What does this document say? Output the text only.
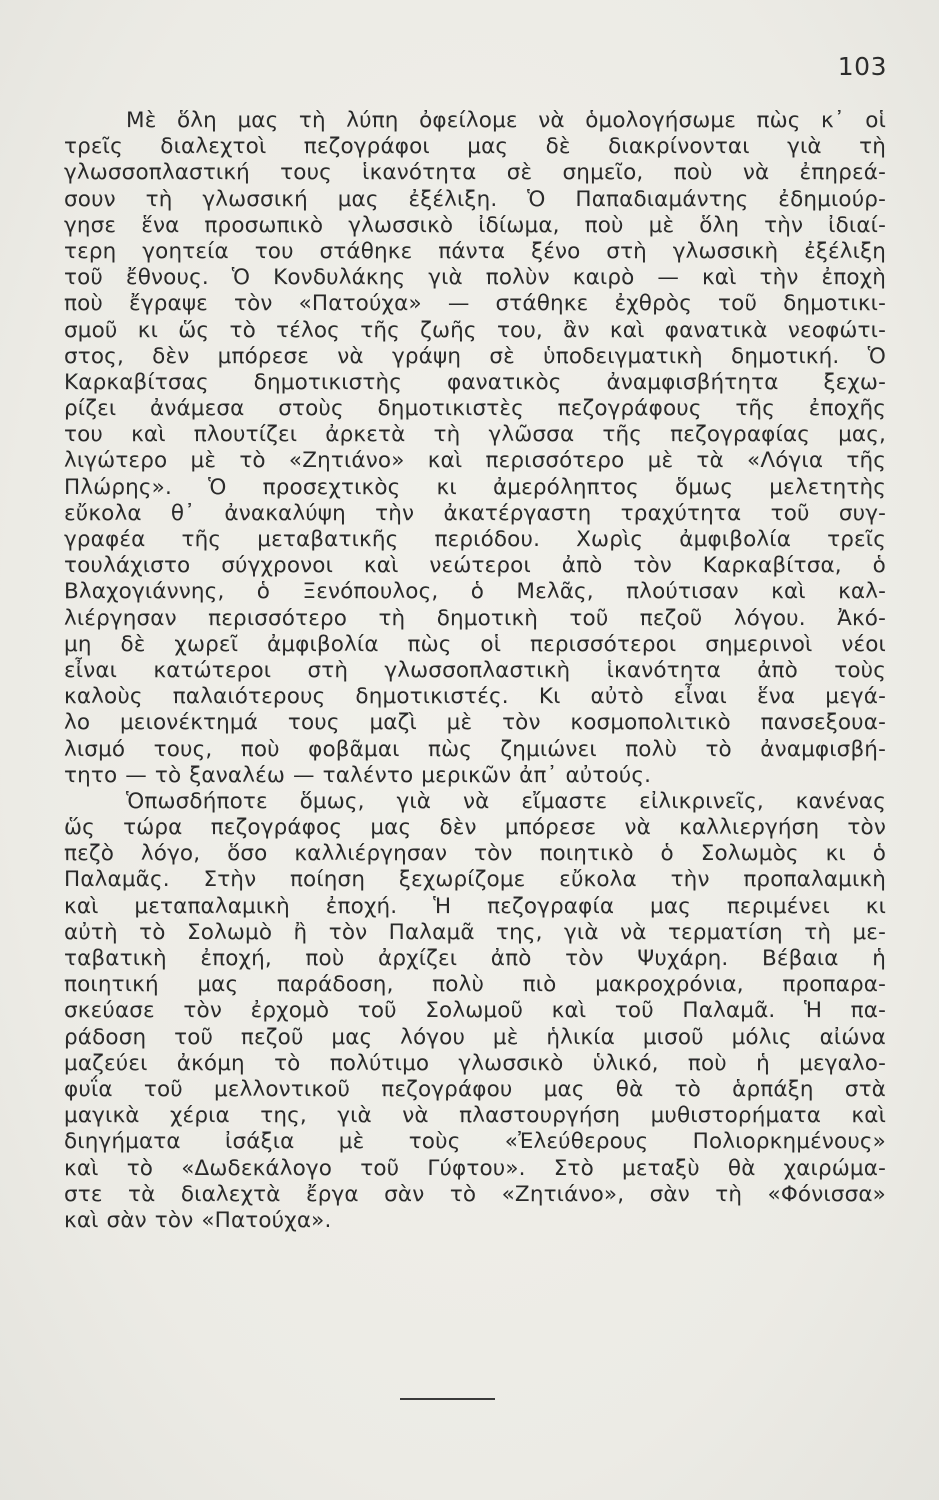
103
Μὲ ὅλη μας τὴ λύπη ὀφείλομε νὰ ὁμολογήσωμε πὼς κ᾿ οἱ
τρεῖς διαλεχτοὶ πεζογράφοι μας δὲ διακρίνονται γιὰ τὴ
γλωσσοπλαστική τους ἱκανότητα σὲ σημεῖο, ποὺ νὰ ἐπηρεά-
σουν τὴ γλωσσική μας ἐξέλιξη. Ὁ Παπαδιαμάντης ἐδημιούρ-
γησε ἕνα προσωπικὸ γλωσσικὸ ἰδίωμα, ποὺ μὲ ὅλη τὴν ἰδιαί-
τερη γοητεία του στάθηκε πάντα ξένο στὴ γλωσσικὴ ἐξέλιξη
τοῦ ἔθνους. Ὁ Κονδυλάκης γιὰ πολὺν καιρὸ — καὶ τὴν ἐποχὴ
ποὺ ἔγραψε τὸν «Πατούχα» — στάθηκε ἐχθρὸς τοῦ δημοτικι-
σμοῦ κι ὥς τὸ τέλος τῆς ζωῆς του, ἂν καὶ φανατικὰ νεοφώτι-
στος, δὲν μπόρεσε νὰ γράψη σὲ ὑποδειγματικὴ δημοτική. Ὁ
Καρκαβίτσας δημοτικιστὴς φανατικὸς ἀναμφισβήτητα ξεχω-
ρίζει ἀνάμεσα στοὺς δημοτικιστὲς πεζογράφους τῆς ἐποχῆς
του καὶ πλουτίζει ἀρκετὰ τὴ γλῶσσα τῆς πεζογραφίας μας,
λιγώτερο μὲ τὸ «Ζητιάνο» καὶ περισσότερο μὲ τὰ «Λόγια τῆς
Πλώρης». Ὁ προσεχτικὸς κι ἀμερόληπτος ὅμως μελετητὴς
εὔκολα θ᾿ ἀνακαλύψη τὴν ἀκατέργαστη τραχύτητα τοῦ συγ-
γραφέα τῆς μεταβατικῆς περιόδου. Χωρὶς ἀμφιβολία τρεῖς
τουλάχιστο σύγχρονοι καὶ νεώτεροι ἀπὸ τὸν Καρκαβίτσα, ὁ
Βλαχογιάννης, ὁ Ξενόπουλος, ὁ Μελᾶς, πλούτισαν καὶ καλ-
λιέργησαν περισσότερο τὴ δημοτικὴ τοῦ πεζοῦ λόγου. Ἀκό-
μη δὲ χωρεῖ ἀμφιβολία πὼς οἱ περισσότεροι σημερινοὶ νέοι
εἶναι κατώτεροι στὴ γλωσσοπλαστικὴ ἱκανότητα ἀπὸ τοὺς
καλοὺς παλαιότερους δημοτικιστές. Κι αὐτὸ εἶναι ἕνα μεγά-
λο μειονέκτημά τους μαζὶ μὲ τὸν κοσμοπολιτικὸ πανσεξουα-
λισμό τους, ποὺ φοβᾶμαι πὼς ζημιώνει πολὺ τὸ ἀναμφισβή-
τητο — τὸ ξαναλέω — ταλέντο μερικῶν ἀπ᾿ αὐτούς.
Ὁπωσδήποτε ὅμως, γιὰ νὰ εἴμαστε εἰλικρινεῖς, κανένας
ὥς τώρα πεζογράφος μας δὲν μπόρεσε νὰ καλλιεργήση τὸν
πεζὸ λόγο, ὅσο καλλιέργησαν τὸν ποιητικὸ ὁ Σολωμὸς κι ὁ
Παλαμᾶς. Στὴν ποίηση ξεχωρίζομε εὔκολα τὴν προπαλαμικὴ
καὶ μεταπαλαμικὴ ἐποχή. Ἡ πεζογραφία μας περιμένει κι
αὐτὴ τὸ Σολωμὸ ἢ τὸν Παλαμᾶ της, γιὰ νὰ τερματίση τὴ με-
ταβατικὴ ἐποχή, ποὺ ἀρχίζει ἀπὸ τὸν Ψυχάρη. Βέβαια ἡ
ποιητική μας παράδοση, πολὺ πιὸ μακροχρόνια, προπαρα-
σκεύασε τὸν ἐρχομὸ τοῦ Σολωμοῦ καὶ τοῦ Παλαμᾶ. Ἡ πα-
ράδοση τοῦ πεζοῦ μας λόγου μὲ ἡλικία μισοῦ μόλις αἰώνα
μαζεύει ἀκόμη τὸ πολύτιμο γλωσσικὸ ὑλικό, ποὺ ἡ μεγαλο-
φυΐα τοῦ μελλοντικοῦ πεζογράφου μας θὰ τὸ ἁρπάξη στὰ
μαγικὰ χέρια της, γιὰ νὰ πλαστουργήση μυθιστορήματα καὶ
διηγήματα ἰσάξια μὲ τοὺς «Ἐλεύθερους Πολιορκημένους»
καὶ τὸ «Δωδεκάλογο τοῦ Γύφτου». Στὸ μεταξὺ θὰ χαιρώμα-
στε τὰ διαλεχτὰ ἔργα σὰν τὸ «Ζητιάνο», σὰν τὴ «Φόνισσα»
καὶ σὰν τὸν «Πατούχα».
